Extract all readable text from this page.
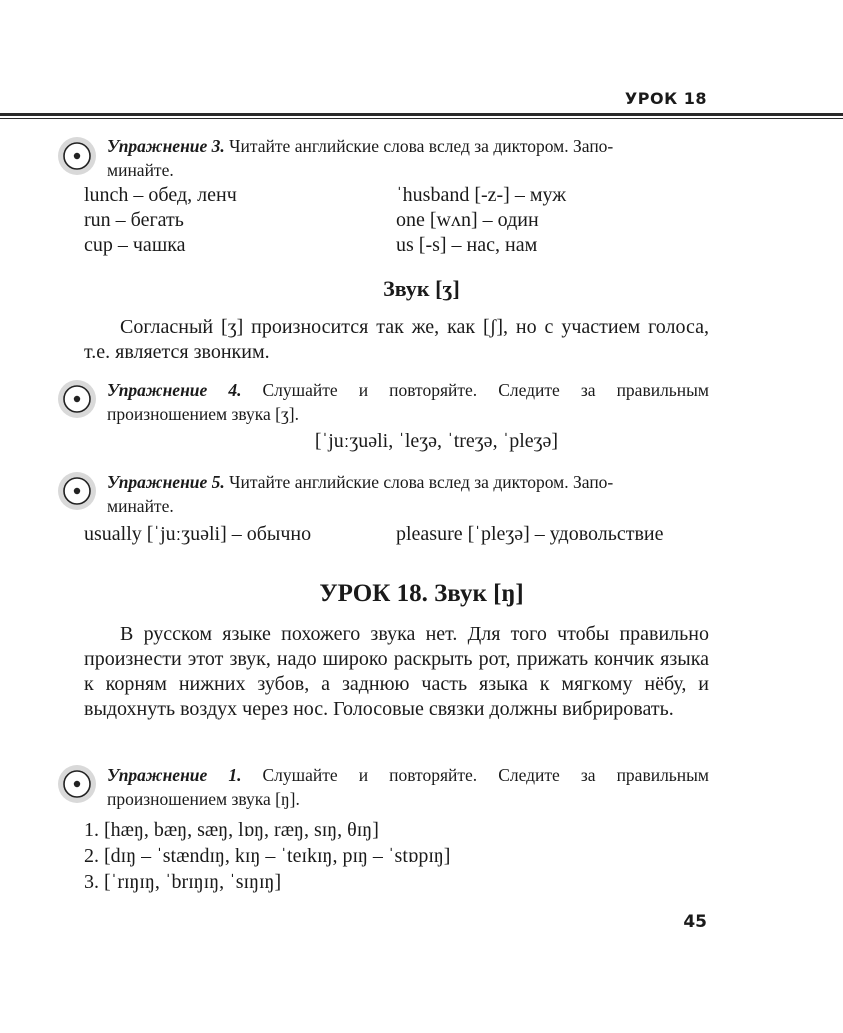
УРОК 18
Упражнение 3. Читайте английские слова вслед за диктором. Запо-
минайте.
lunch – обед, ленч
run – бегать
cup – чашка
ˈhusband [-z-] – муж
one [wʌn] – один
us [-s] – нас, нам
Звук [ʒ]
Согласный [ʒ] произносится так же, как [ʃ], но с участием голоса, т.е. является звонким.
Упражнение 4. Слушайте и повторяйте. Следите за правильным произношением звука [ʒ].
[ˈjuːʒuəli, ˈleʒə, ˈtreʒə, ˈpleʒə]
Упражнение 5. Читайте английские слова вслед за диктором. Запо-
минайте.
usually [ˈjuːʒuəli] – обычно	pleasure [ˈpleʒə] – удовольствие
УРОК 18. Звук [ŋ]
В русском языке похожего звука нет. Для того чтобы правильно произнести этот звук, надо широко раскрыть рот, прижать кончик языка к корням нижних зубов, а заднюю часть языка к мягкому нёбу, и выдохнуть воздух через нос. Голосовые связки должны вибрировать.
Упражнение 1. Слушайте и повторяйте. Следите за правильным произношением звука [ŋ].
1. [hæŋ, bæŋ, sæŋ, lɒŋ, ræŋ, sɪŋ, θɪŋ]
2. [dɪŋ – ˈstændɪŋ, kɪŋ – ˈteɪkɪŋ, pɪŋ – ˈstɒpɪŋ]
3. [ˈrɪŋɪŋ, ˈbrɪŋɪŋ, ˈsɪŋɪŋ]
45
